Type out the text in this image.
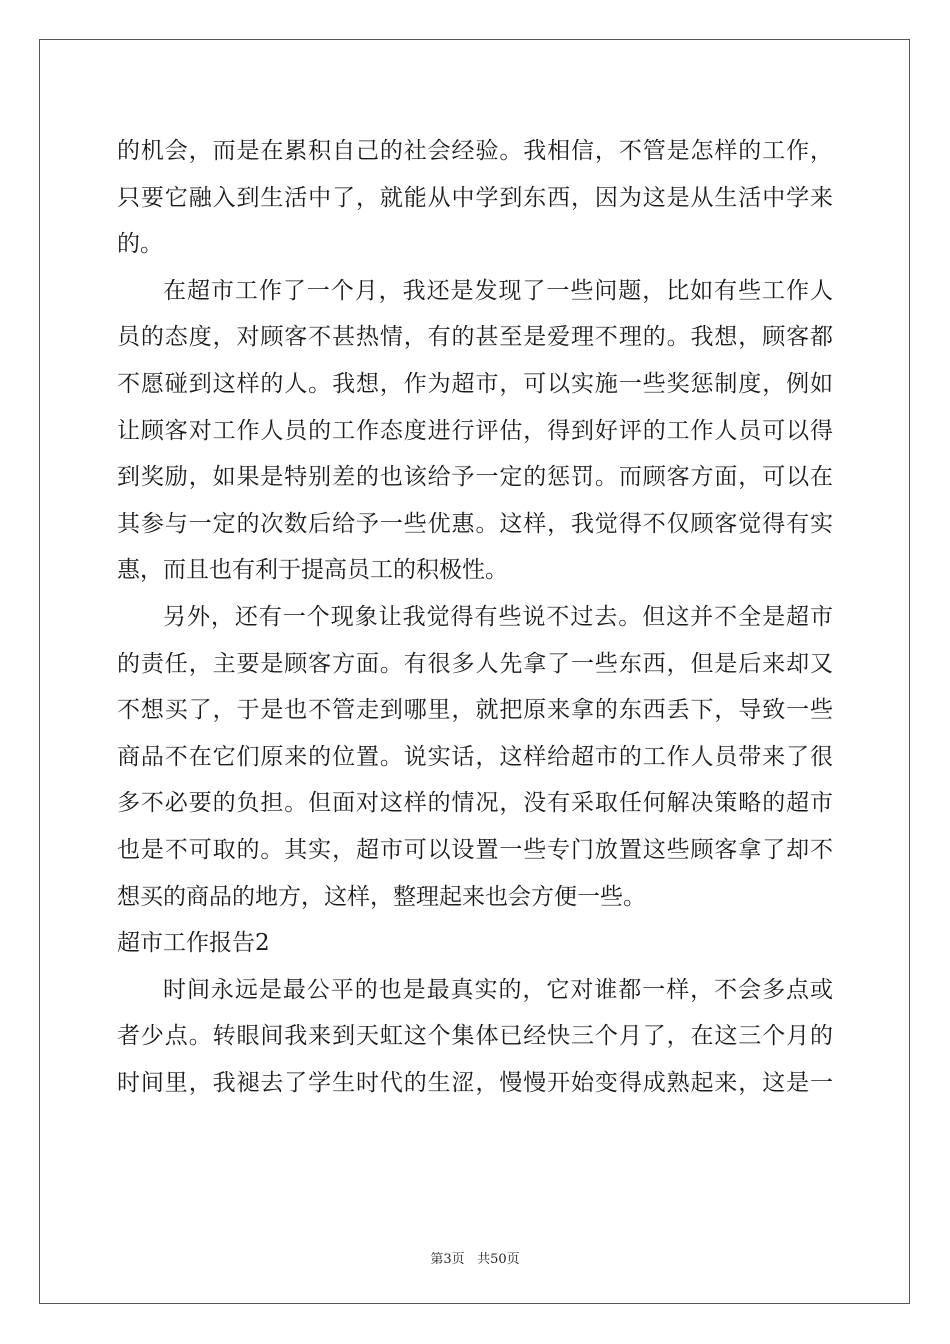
的机会，而是在累积自己的社会经验。我相信，不管是怎样的工作，
只要它融入到生活中了，就能从中学到东西，因为这是从生活中学来
的。
在超市工作了一个月，我还是发现了一些问题，比如有些工作人
员的态度，对顾客不甚热情，有的甚至是爱理不理的。我想，顾客都
不愿碰到这样的人。我想，作为超市，可以实施一些奖惩制度，例如
让顾客对工作人员的工作态度进行评估，得到好评的工作人员可以得
到奖励，如果是特别差的也该给予一定的惩罚。而顾客方面，可以在
其参与一定的次数后给予一些优惠。这样，我觉得不仅顾客觉得有实
惠，而且也有利于提高员工的积极性。
另外，还有一个现象让我觉得有些说不过去。但这并不全是超市
的责任，主要是顾客方面。有很多人先拿了一些东西，但是后来却又
不想买了，于是也不管走到哪里，就把原来拿的东西丢下，导致一些
商品不在它们原来的位置。说实话，这样给超市的工作人员带来了很
多不必要的负担。但面对这样的情况，没有采取任何解决策略的超市
也是不可取的。其实，超市可以设置一些专门放置这些顾客拿了却不
想买的商品的地方，这样，整理起来也会方便一些。
超市工作报告2
时间永远是最公平的也是最真实的，它对谁都一样，不会多点或
者少点。转眼间我来到天虹这个集体已经快三个月了，在这三个月的
时间里，我褪去了学生时代的生涩，慢慢开始变得成熟起来，这是一
第3页 共50页
